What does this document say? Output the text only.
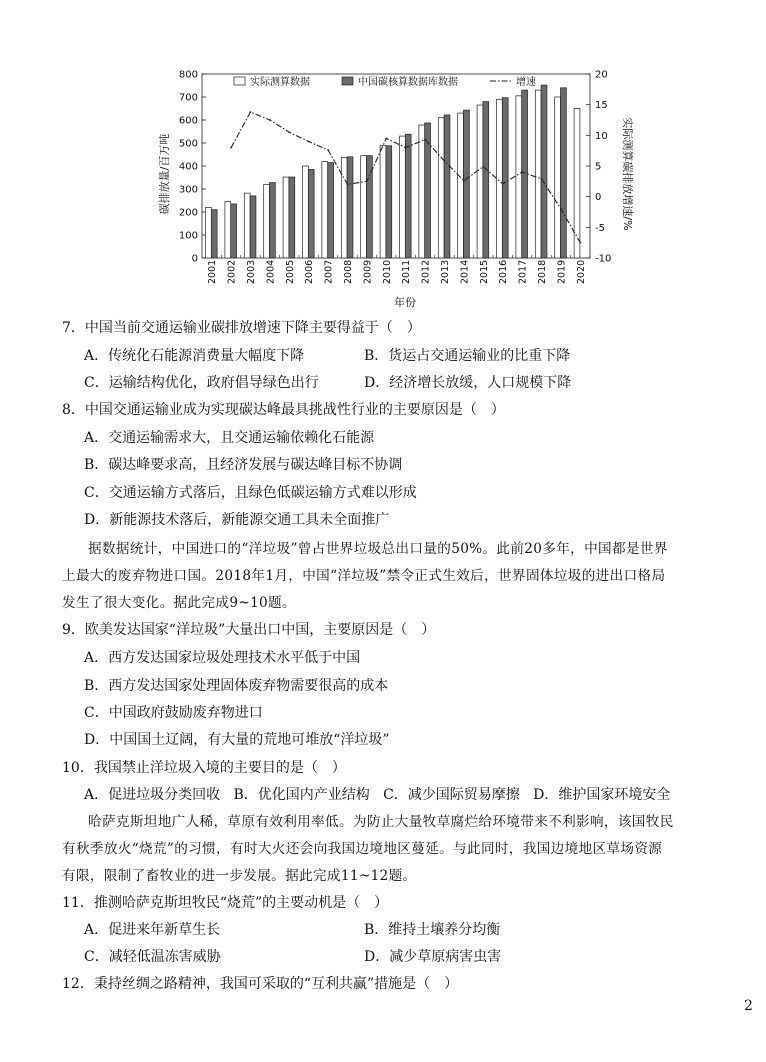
0
100
200
300
400
500
600
700
800
-10
-5
0
5
10
15
20
2001 2002 2003 2004 2005 2006 2007 2008 2009 2010 2011 2012 2013 2014 2015 2016 2017 2018 2019 2020
实际测算数据	中国碳核算数据库数据	增速
碳排放量/百万吨	实际测算碳排放增速/%
年份
7．中国当前交通运输业碳排放增速下降主要得益于（　）
A．传统化石能源消费量大幅度下降	B．货运占交通运输业的比重下降
C．运输结构优化，政府倡导绿色出行	D．经济增长放缓，人口规模下降
8．中国交通运输业成为实现碳达峰最具挑战性行业的主要原因是（　）
A．交通运输需求大，且交通运输依赖化石能源
B．碳达峰要求高，且经济发展与碳达峰目标不协调
C．交通运输方式落后，且绿色低碳运输方式难以形成
D．新能源技术落后，新能源交通工具未全面推广
据数据统计，中国进口的“洋垃圾”曾占世界垃圾总出口量的50%。此前20多年，中国都是世界
上最大的废弃物进口国。2018年1月，中国“洋垃圾”禁令正式生效后，世界固体垃圾的进出口格局
发生了很大变化。据此完成9~10题。
9．欧美发达国家“洋垃圾”大量出口中国，主要原因是（　）
A．西方发达国家垃圾处理技术水平低于中国
B．西方发达国家处理固体废弃物需要很高的成本
C．中国政府鼓励废弃物进口
D．中国国土辽阔，有大量的荒地可堆放“洋垃圾”
10．我国禁止洋垃圾入境的主要目的是（　）
A．促进垃圾分类回收   B．优化国内产业结构   C．减少国际贸易摩擦   D．维护国家环境安全
哈萨克斯坦地广人稀，草原有效利用率低。为防止大量牧草腐烂给环境带来不利影响，该国牧民
有秋季放火“烧荒”的习惯，有时大火还会向我国边境地区蔓延。与此同时，我国边境地区草场资源
有限，限制了畜牧业的进一步发展。据此完成11~12题。
11．推测哈萨克斯坦牧民“烧荒”的主要动机是（　）
A．促进来年新草生长	B．维持土壤养分均衡
C．减轻低温冻害威胁	D．减少草原病害虫害
12．秉持丝绸之路精神，我国可采取的“互利共赢”措施是（　）
2
